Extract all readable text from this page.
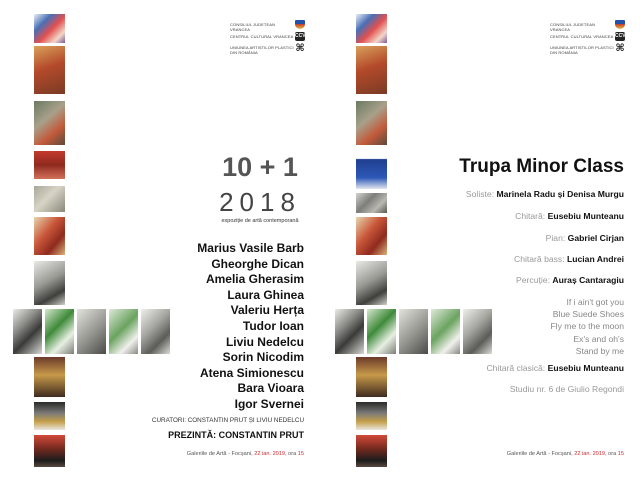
CONSILIUL JUDEȚEAN VRANCEA
CENTRUL CULTURAL VRANCEA CCV
UNIUNEA ARTIȘTILOR PLASTICI DIN ROMÂNIA	⌘
10 + 1
2018
expoziție de artă contemporană
Marius Vasile Barb
Gheorghe Dican
Amelia Gherasim
Laura Ghinea
Valeriu Herța
Tudor Ioan
Liviu Nedelcu
Sorin Nicodim
Atena Simionescu
Bara Vioara
Igor Svernei
CURATORI: CONSTANTIN PRUT ȘI LIVIU NEDELCU
PREZINTĂ: CONSTANTIN PRUT
Galeriile de Artă - Focșani, 22 ian. 2019, ora 15
CONSILIUL JUDEȚEAN VRANCEA
CENTRUL CULTURAL VRANCEA CCV
UNIUNEA ARTIȘTILOR PLASTICI DIN ROMÂNIA	⌘
Trupa Minor Class
Soliste: Marinela Radu și Denisa Murgu
Chitară: Eusebiu Munteanu
Pian: Gabriel Cirjan
Chitară bass: Lucian Andrei
Percuție: Auraș Cantaragiu
If i ain't got you
Blue Suede Shoes
Fly me to the moon
Ex's and oh's
Stand by me
Chitară clasică: Eusebiu Munteanu
Studiu nr. 6 de Giulio Regondi
Galeriile de Artă - Focșani, 22 ian. 2019, ora 15
